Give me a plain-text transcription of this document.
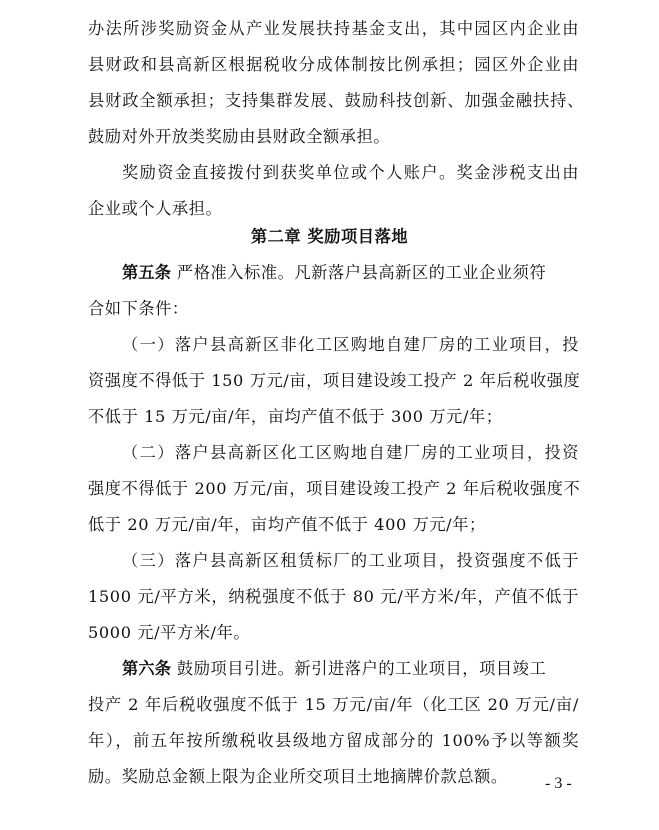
办法所涉奖励资金从产业发展扶持基金支出，其中园区内企业由
县财政和县高新区根据税收分成体制按比例承担；园区外企业由
县财政全额承担；支持集群发展、鼓励科技创新、加强金融扶持、
鼓励对外开放类奖励由县财政全额承担。
奖励资金直接拨付到获奖单位或个人账户。奖金涉税支出由
企业或个人承担。
第二章 奖励项目落地
第五条 严格准入标准。凡新落户县高新区的工业企业须符
合如下条件：
（一）落户县高新区非化工区购地自建厂房的工业项目，投
资强度不得低于 150 万元/亩，项目建设竣工投产 2 年后税收强度
不低于 15 万元/亩/年，亩均产值不低于 300 万元/年；
（二）落户县高新区化工区购地自建厂房的工业项目，投资
强度不得低于 200 万元/亩，项目建设竣工投产 2 年后税收强度不
低于 20 万元/亩/年，亩均产值不低于 400 万元/年；
（三）落户县高新区租赁标厂的工业项目，投资强度不低于
1500 元/平方米，纳税强度不低于 80 元/平方米/年，产值不低于
5000 元/平方米/年。
第六条 鼓励项目引进。新引进落户的工业项目，项目竣工
投产 2 年后税收强度不低于 15 万元/亩/年（化工区 20 万元/亩/
年），前五年按所缴税收县级地方留成部分的 100%予以等额奖
励。奖励总金额上限为企业所交项目土地摘牌价款总额。 - 3 -
